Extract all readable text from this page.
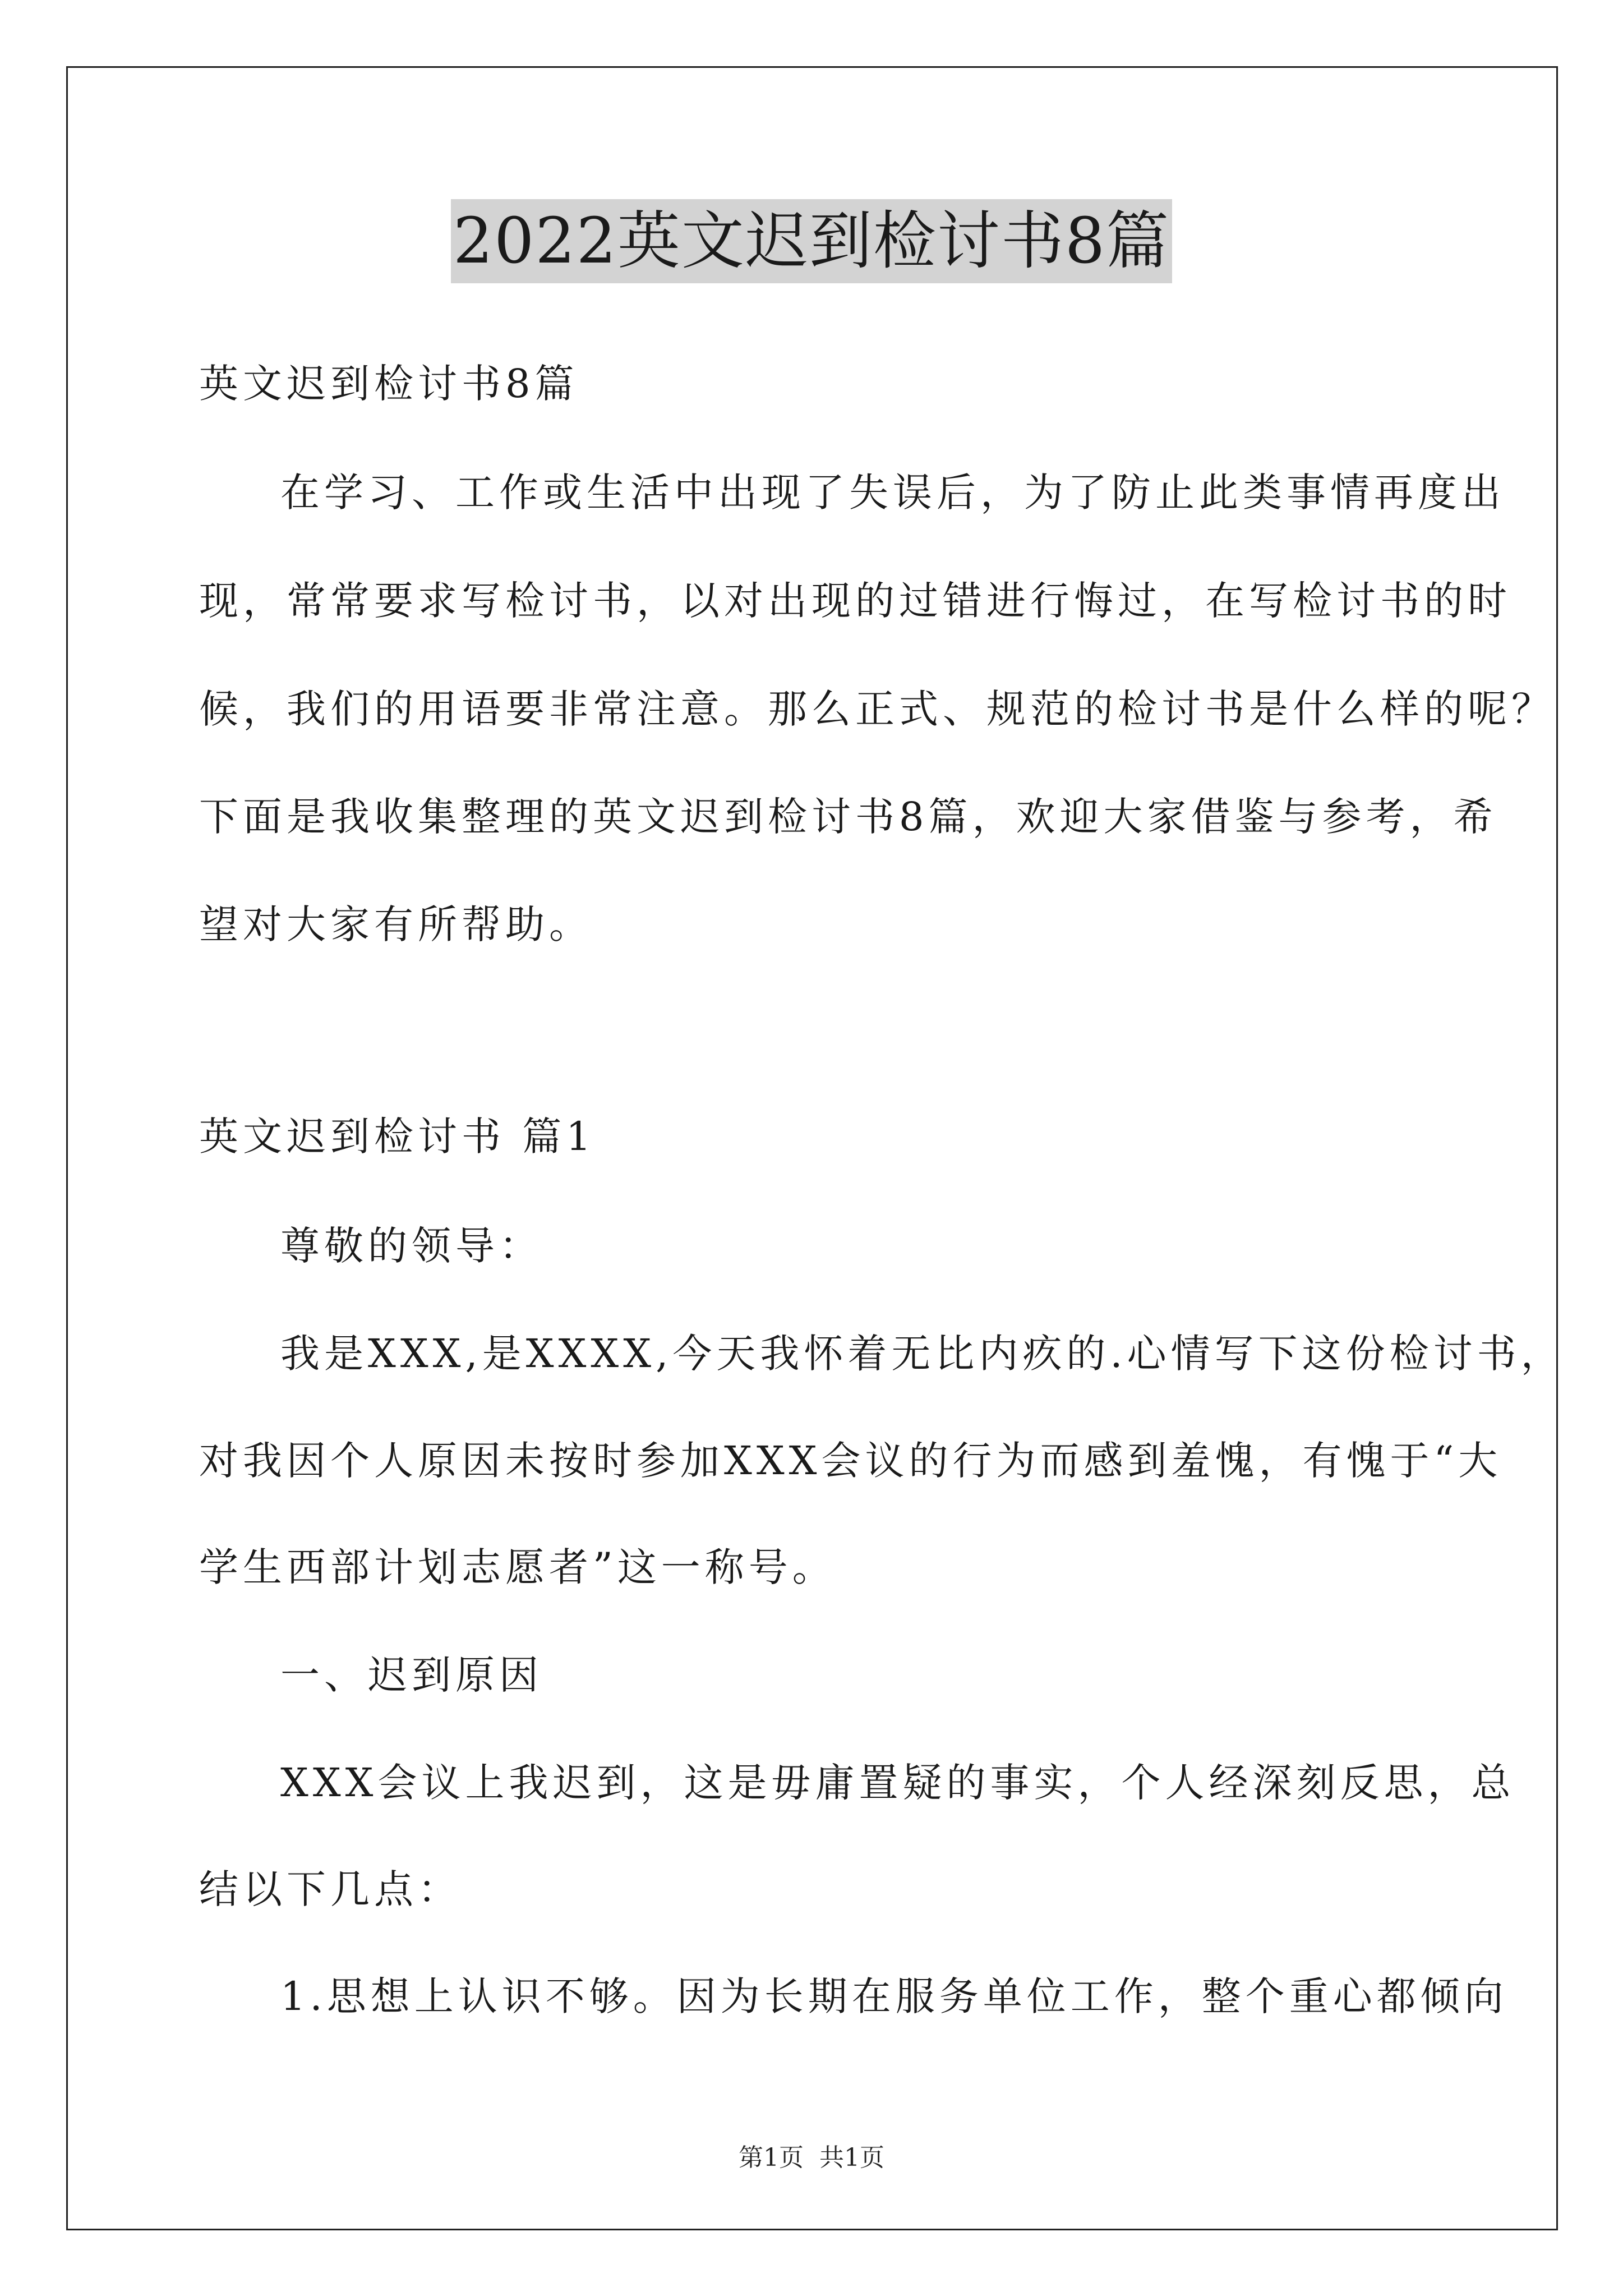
2022英文迟到检讨书8篇
英文迟到检讨书8篇
在学习、工作或生活中出现了失误后，为了防止此类事情再度出
现，常常要求写检讨书，以对出现的过错进行悔过，在写检讨书的时
候，我们的用语要非常注意。那么正式、规范的检讨书是什么样的呢？
下面是我收集整理的英文迟到检讨书8篇，欢迎大家借鉴与参考，希
望对大家有所帮助。
英文迟到检讨书 篇1
尊敬的领导：
我是XXX,是XXXX,今天我怀着无比内疚的.心情写下这份检讨书，
对我因个人原因未按时参加XXX会议的行为而感到羞愧，有愧于“大
学生西部计划志愿者”这一称号。
一、迟到原因
XXX会议上我迟到，这是毋庸置疑的事实，个人经深刻反思，总
结以下几点：
1.思想上认识不够。因为长期在服务单位工作，整个重心都倾向
第1页 共1页
